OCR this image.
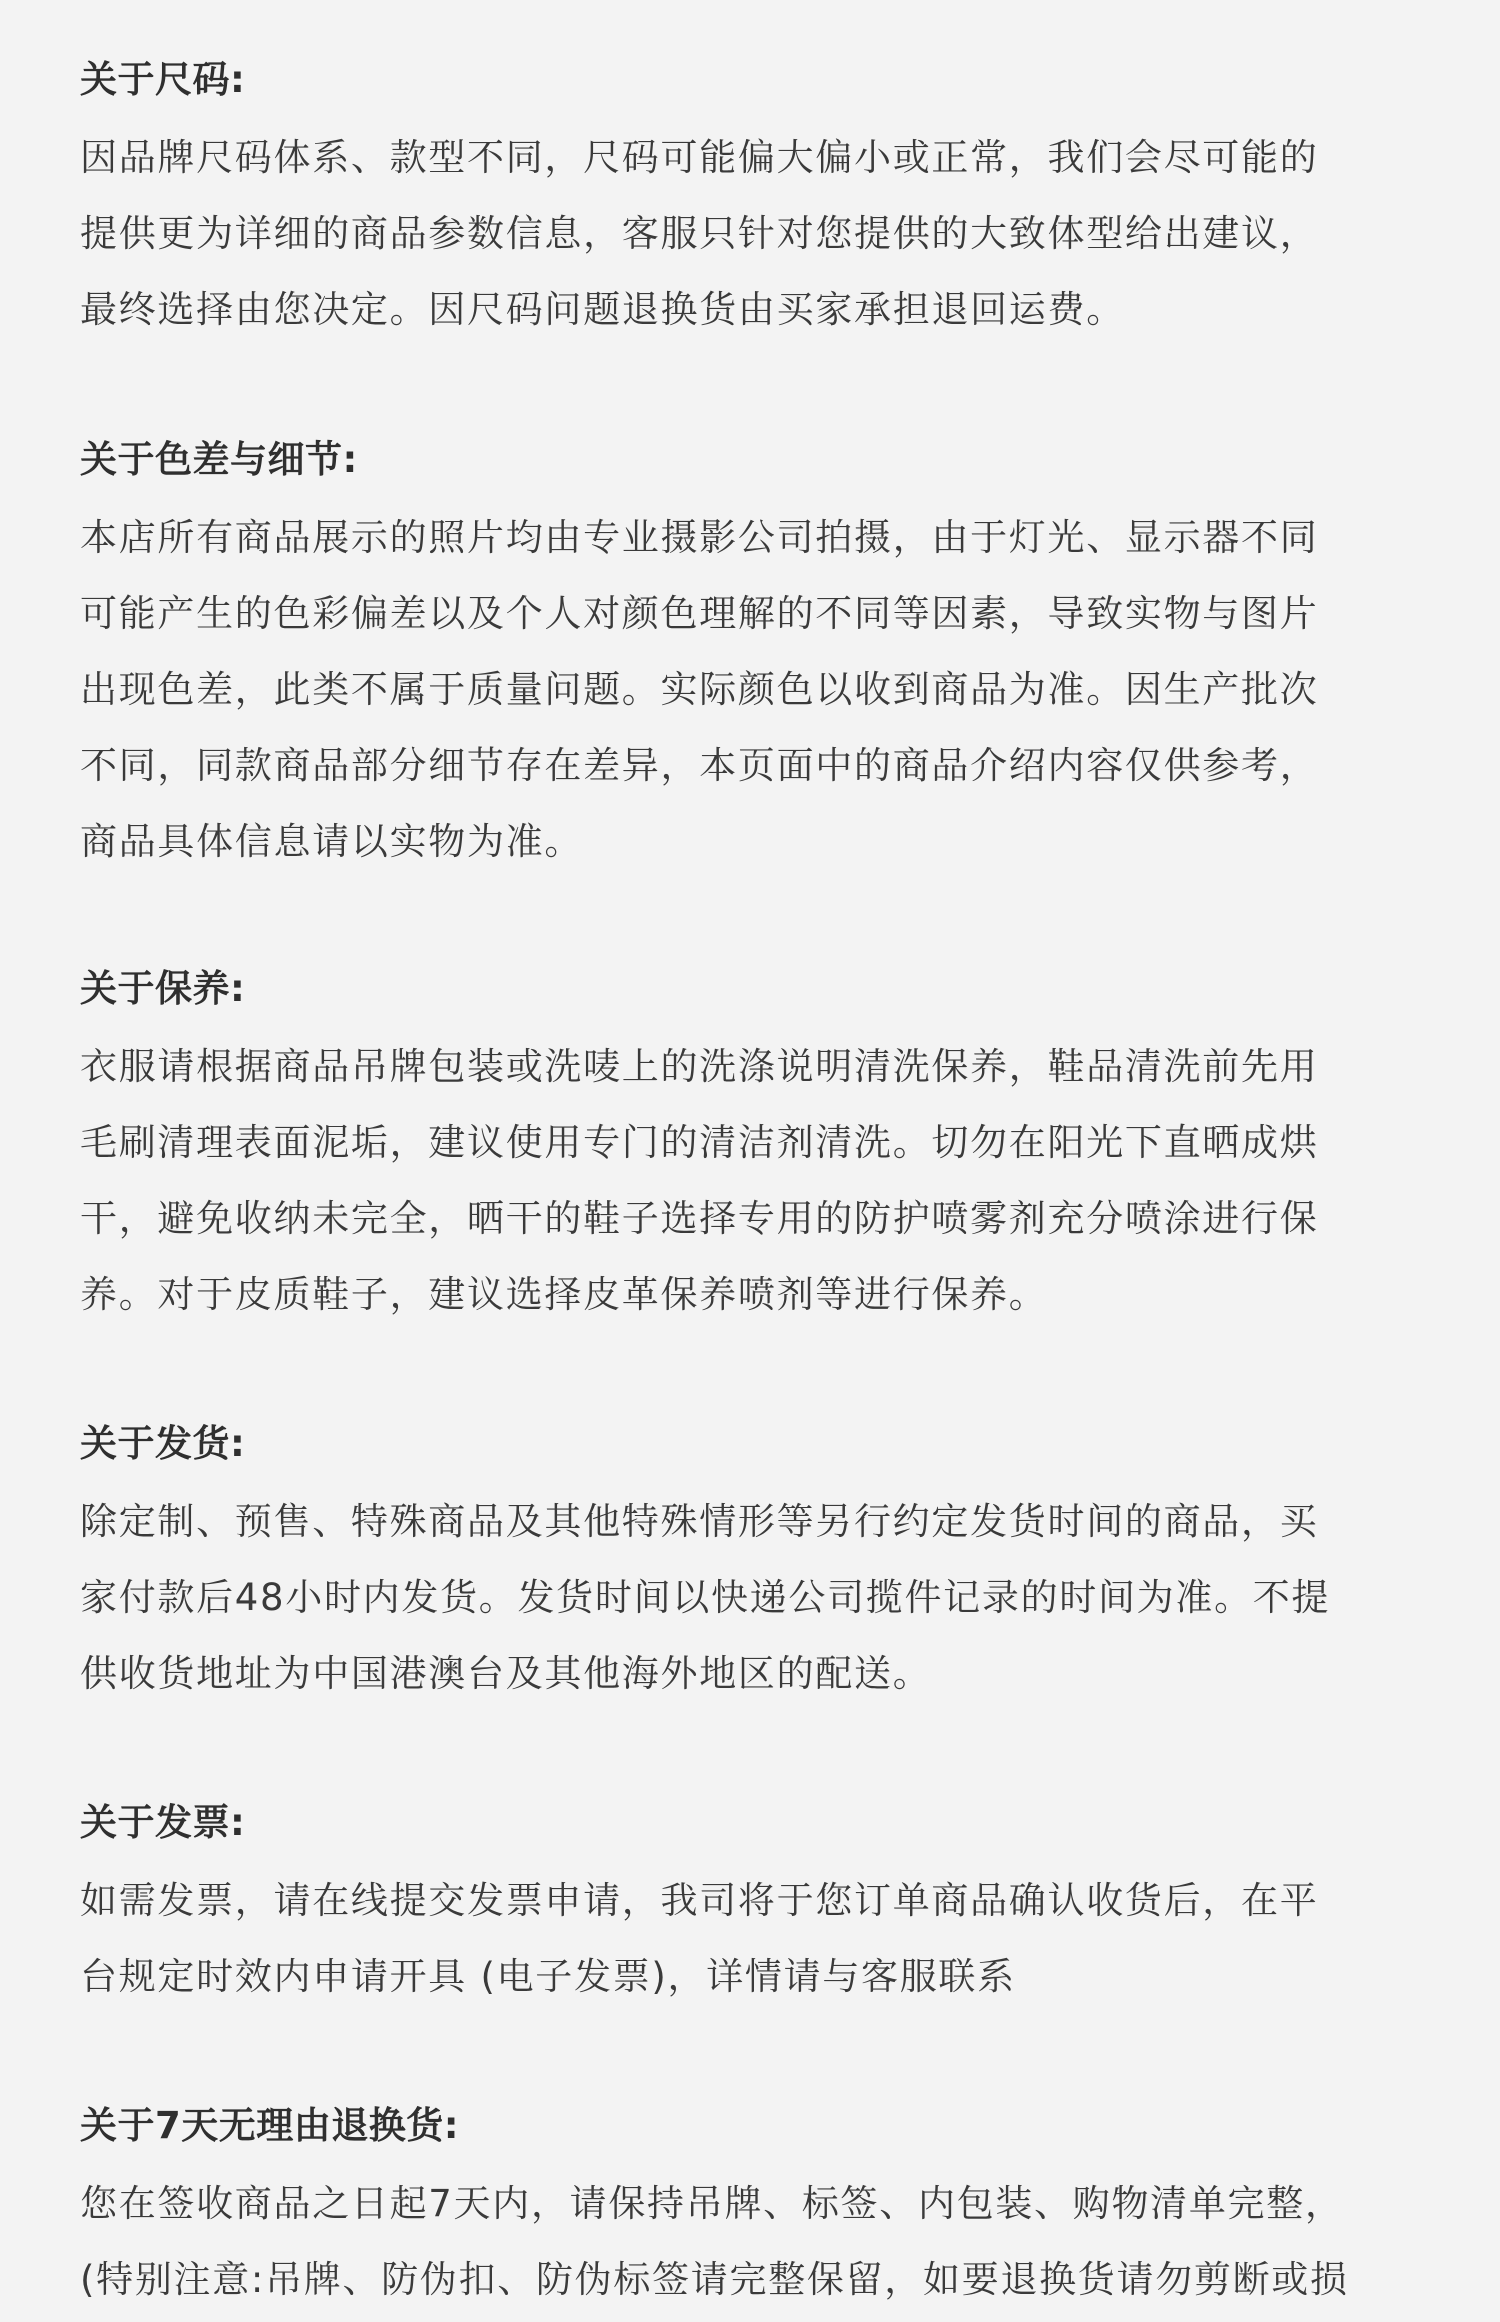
关于尺码:

因品牌尺码体系、款型不同，尺码可能偏大偏小或正常，我们会尽可能的
提供更为详细的商品参数信息，客服只针对您提供的大致体型给出建议，
最终选择由您决定。因尺码问题退换货由买家承担退回运费。

关于色差与细节:

本店所有商品展示的照片均由专业摄影公司拍摄，由于灯光、显示器不同
可能产生的色彩偏差以及个人对颜色理解的不同等因素，导致实物与图片
出现色差，此类不属于质量问题。实际颜色以收到商品为准。因生产批次
不同，同款商品部分细节存在差异，本页面中的商品介绍内容仅供参考，
商品具体信息请以实物为准。

关于保养:

衣服请根据商品吊牌包装或洗唛上的洗涤说明清洗保养，鞋品清洗前先用
毛刷清理表面泥垢，建议使用专门的清洁剂清洗。切勿在阳光下直晒成烘
干，避免收纳未完全，晒干的鞋子选择专用的防护喷雾剂充分喷涂进行保
养。对于皮质鞋子，建议选择皮革保养喷剂等进行保养。

关于发货:

除定制、预售、特殊商品及其他特殊情形等另行约定发货时间的商品，买
家付款后48小时内发货。发货时间以快递公司揽件记录的时间为准。不提
供收货地址为中国港澳台及其他海外地区的配送。

关于发票:

如需发票，请在线提交发票申请，我司将于您订单商品确认收货后，在平
台规定时效内申请开具 (电子发票)，详情请与客服联系

关于7天无理由退换货:

您在签收商品之日起7天内，请保持吊牌、标签、内包装、购物清单完整，
(特别注意:吊牌、防伪扣、防伪标签请完整保留，如要退换货请勿剪断或损
